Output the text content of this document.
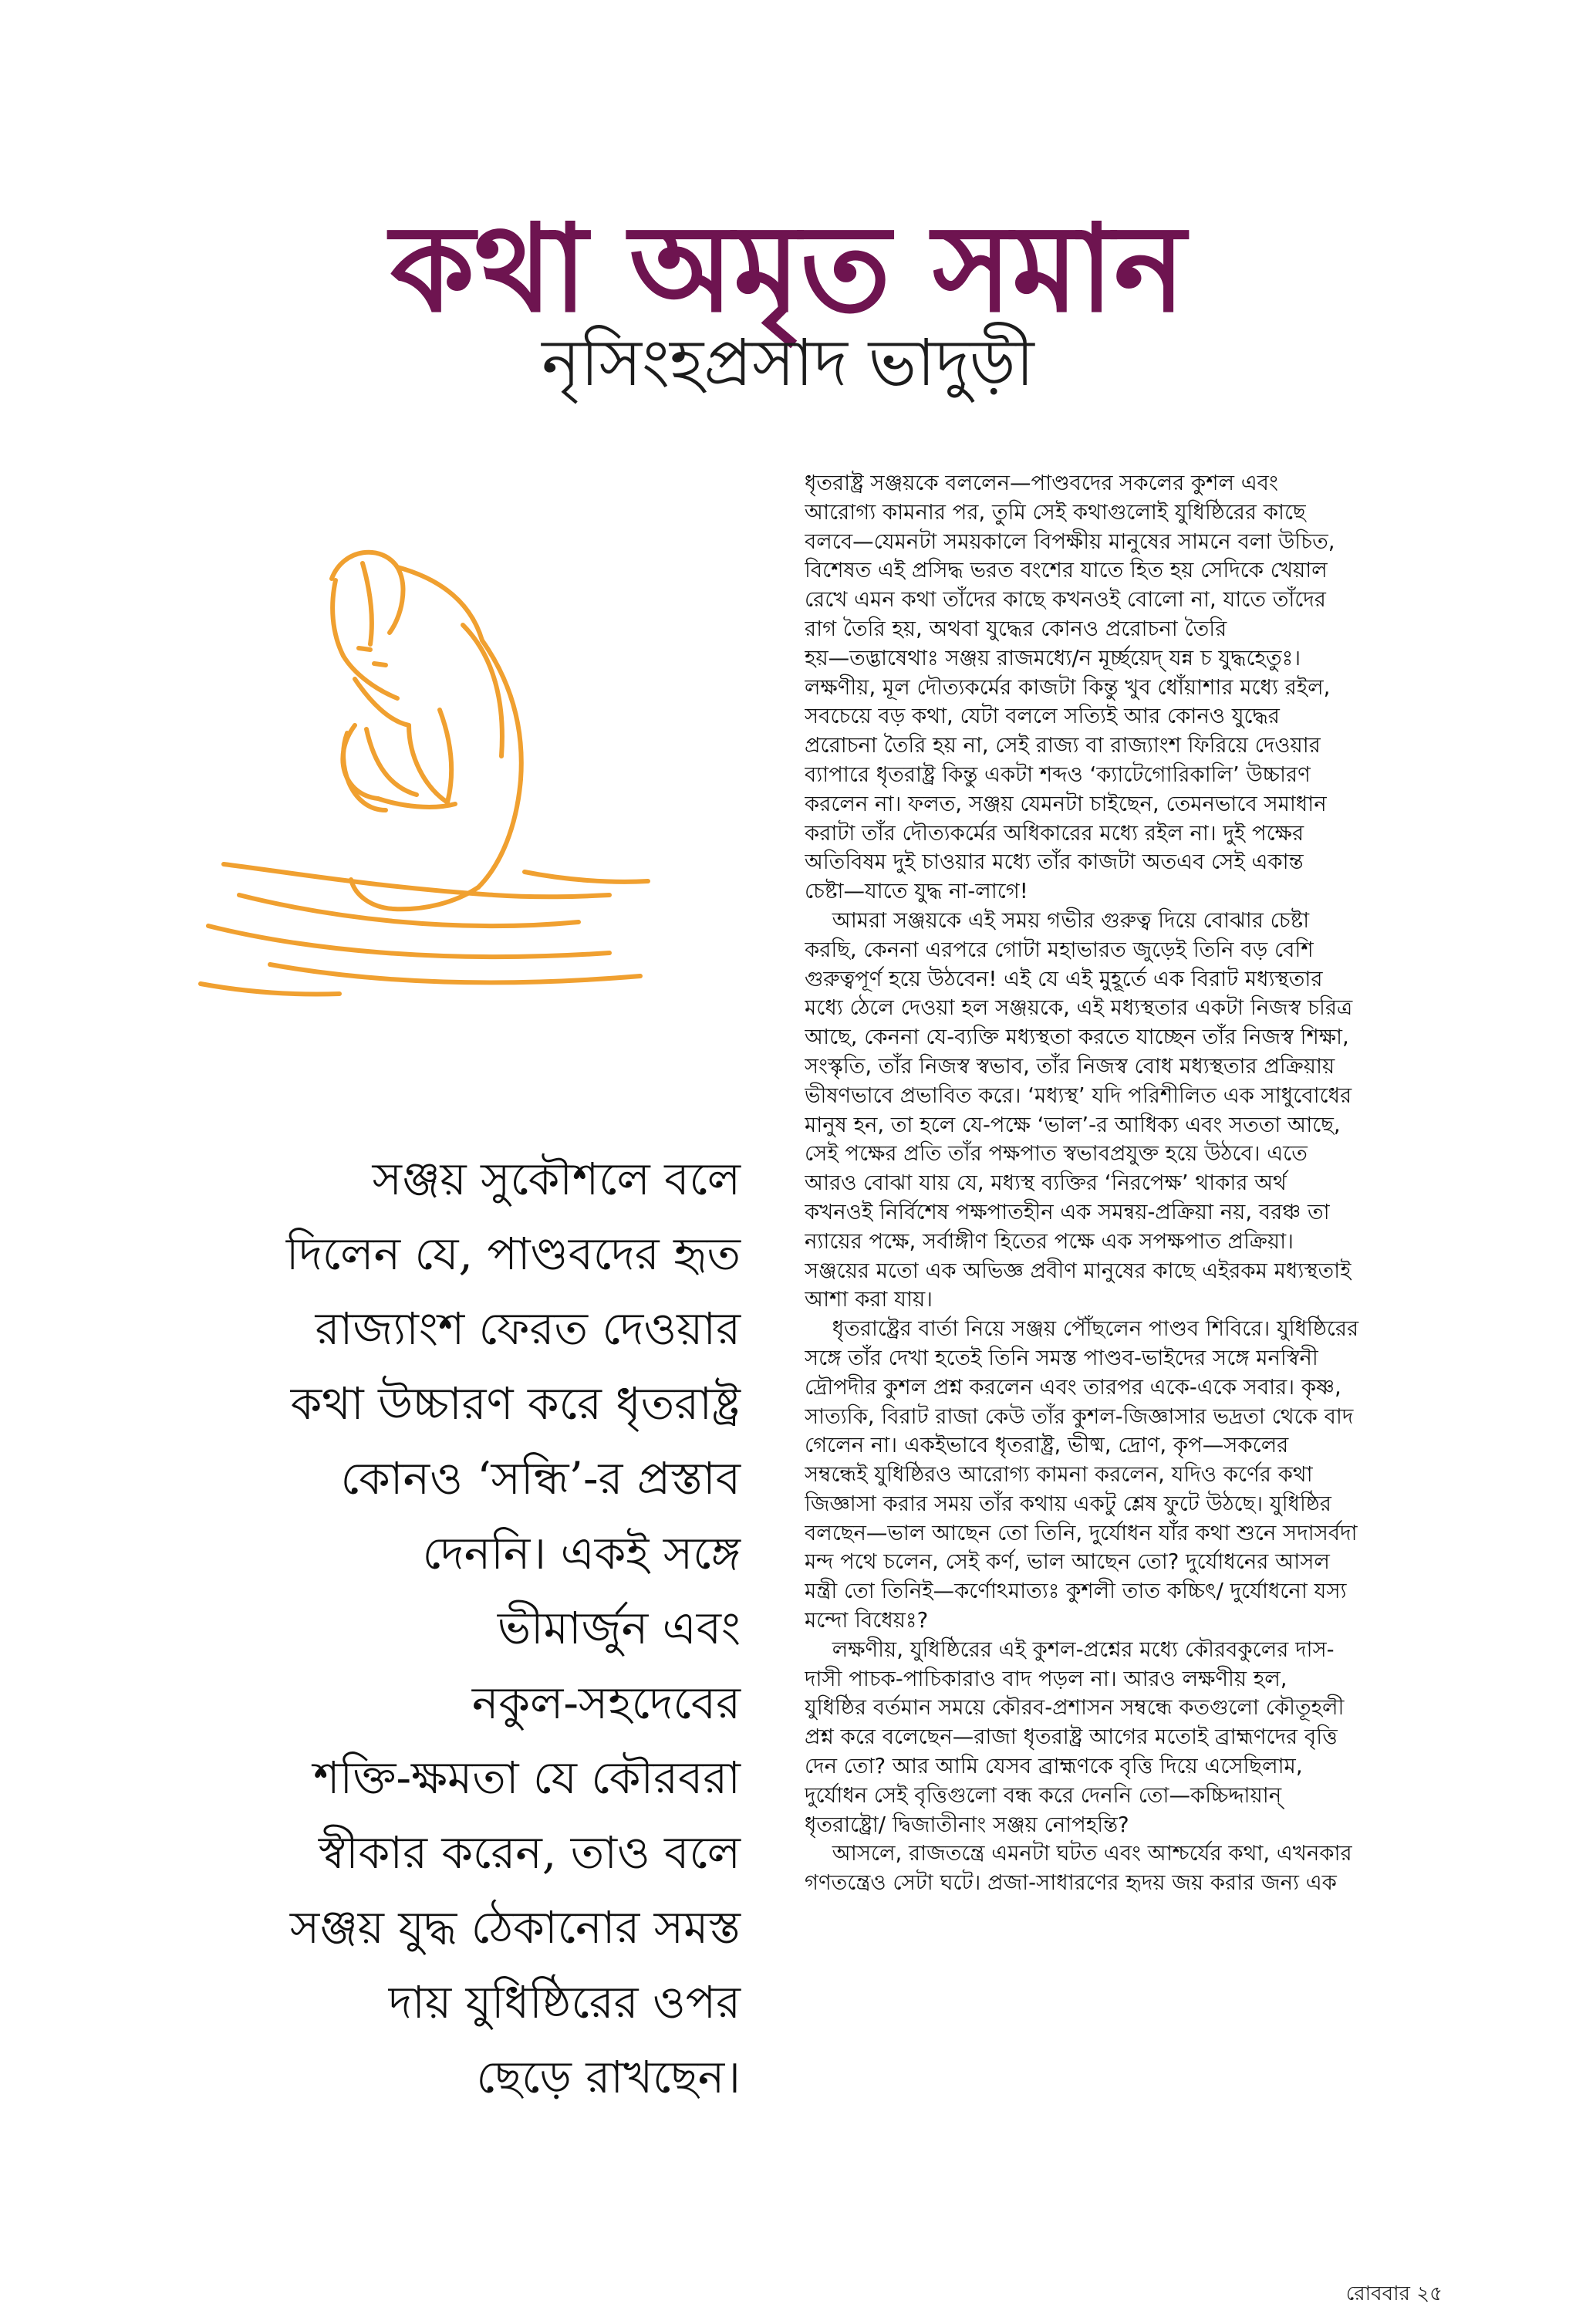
কথা অমৃত সমান
নৃসিংহপ্রসাদ ভাদুড়ী
সঞ্জয় সুকৌশলে বলে
দিলেন যে, পাণ্ডবদের হৃত
রাজ্যাংশ ফেরত দেওয়ার
কথা উচ্চারণ করে ধৃতরাষ্ট্র
কোনও ‘সন্ধি’-র প্রস্তাব
দেননি। একই সঙ্গে
ভীমার্জুন এবং
নকুল-সহদেবের
শক্তি-ক্ষমতা যে কৌরবরা
স্বীকার করেন, তাও বলে
সঞ্জয় যুদ্ধ ঠেকানোর সমস্ত
দায় যুধিষ্ঠিরের ওপর
ছেড়ে রাখছেন।
ধৃতরাষ্ট্র সঞ্জয়কে বললেন—পাণ্ডবদের সকলের কুশল এবং
আরোগ্য কামনার পর, তুমি সেই কথাগুলোই যুধিষ্ঠিরের কাছে
বলবে—যেমনটা সময়কালে বিপক্ষীয় মানুষের সামনে বলা উচিত,
বিশেষত এই প্রসিদ্ধ ভরত বংশের যাতে হিত হয় সেদিকে খেয়াল
রেখে এমন কথা তাঁদের কাছে কখনওই বোলো না, যাতে তাঁদের
রাগ তৈরি হয়, অথবা যুদ্ধের কোনও প্ররোচনা তৈরি
হয়—তদ্ভাষেথাঃ সঞ্জয় রাজমধ্যে/ন মূর্চ্ছয়েদ্‌ যন্ন চ যুদ্ধহেতুঃ।
লক্ষণীয়, মূল দৌত্যকর্মের কাজটা কিন্তু খুব ধোঁয়াশার মধ্যে রইল,
সবচেয়ে বড় কথা, যেটা বললে সত্যিই আর কোনও যুদ্ধের
প্ররোচনা তৈরি হয় না, সেই রাজ্য বা রাজ্যাংশ ফিরিয়ে দেওয়ার
ব্যাপারে ধৃতরাষ্ট্র কিন্তু একটা শব্দও ‘ক্যাটেগোরিকালি’ উচ্চারণ
করলেন না। ফলত, সঞ্জয় যেমনটা চাইছেন, তেমনভাবে সমাধান
করাটা তাঁর দৌত্যকর্মের অধিকারের মধ্যে রইল না। দুই পক্ষের
অতিবিষম দুই চাওয়ার মধ্যে তাঁর কাজটা অতএব সেই একান্ত
চেষ্টা—যাতে যুদ্ধ না-লাগে!
আমরা সঞ্জয়কে এই সময় গভীর গুরুত্ব দিয়ে বোঝার চেষ্টা
করছি, কেননা এরপরে গোটা মহাভারত জুড়েই তিনি বড় বেশি
গুরুত্বপূর্ণ হয়ে উঠবেন! এই যে এই মুহূর্তে এক বিরাট মধ্যস্থতার
মধ্যে ঠেলে দেওয়া হল সঞ্জয়কে, এই মধ্যস্থতার একটা নিজস্ব চরিত্র
আছে, কেননা যে-ব্যক্তি মধ্যস্থতা করতে যাচ্ছেন তাঁর নিজস্ব শিক্ষা,
সংস্কৃতি, তাঁর নিজস্ব স্বভাব, তাঁর নিজস্ব বোধ মধ্যস্থতার প্রক্রিয়ায়
ভীষণভাবে প্রভাবিত করে। ‘মধ্যস্থ’ যদি পরিশীলিত এক সাধুবোধের
মানুষ হন, তা হলে যে-পক্ষে ‘ভাল’-র আধিক্য এবং সততা আছে,
সেই পক্ষের প্রতি তাঁর পক্ষপাত স্বভাবপ্রযুক্ত হয়ে উঠবে। এতে
আরও বোঝা যায় যে, মধ্যস্থ ব্যক্তির ‘নিরপেক্ষ’ থাকার অর্থ
কখনওই নির্বিশেষ পক্ষপাতহীন এক সমন্বয়-প্রক্রিয়া নয়, বরঞ্চ তা
ন্যায়ের পক্ষে, সর্বাঙ্গীণ হিতের পক্ষে এক সপক্ষপাত প্রক্রিয়া।
সঞ্জয়ের মতো এক অভিজ্ঞ প্রবীণ মানুষের কাছে এইরকম মধ্যস্থতাই
আশা করা যায়।
ধৃতরাষ্ট্রের বার্তা নিয়ে সঞ্জয় পৌঁছলেন পাণ্ডব শিবিরে। যুধিষ্ঠিরের
সঙ্গে তাঁর দেখা হতেই তিনি সমস্ত পাণ্ডব-ভাইদের সঙ্গে মনস্বিনী
দ্রৌপদীর কুশল প্রশ্ন করলেন এবং তারপর একে-একে সবার। কৃষ্ণ,
সাত্যকি, বিরাট রাজা কেউ তাঁর কুশল-জিজ্ঞাসার ভদ্রতা থেকে বাদ
গেলেন না। একইভাবে ধৃতরাষ্ট্র, ভীষ্ম, দ্রোণ, কৃপ—সকলের
সম্বন্ধেই যুধিষ্ঠিরও আরোগ্য কামনা করলেন, যদিও কর্ণের কথা
জিজ্ঞাসা করার সময় তাঁর কথায় একটু শ্লেষ ফুটে উঠছে। যুধিষ্ঠির
বলছেন—ভাল আছেন তো তিনি, দুর্যোধন যাঁর কথা শুনে সদাসর্বদা
মন্দ পথে চলেন, সেই কর্ণ, ভাল আছেন তো? দুর্যোধনের আসল
মন্ত্রী তো তিনিই—কর্ণোঽমাত্যঃ কুশলী তাত কচ্চিৎ/ দুর্যোধনো যস্য
মন্দো বিধেয়ঃ?
লক্ষণীয়, যুধিষ্ঠিরের এই কুশল-প্রশ্নের মধ্যে কৌরবকুলের দাস-
দাসী পাচক-পাচিকারাও বাদ পড়ল না। আরও লক্ষণীয় হল,
যুধিষ্ঠির বর্তমান সময়ে কৌরব-প্রশাসন সম্বন্ধে কতগুলো কৌতূহলী
প্রশ্ন করে বলেছেন—রাজা ধৃতরাষ্ট্র আগের মতোই ব্রাহ্মণদের বৃত্তি
দেন তো? আর আমি যেসব ব্রাহ্মণকে বৃত্তি দিয়ে এসেছিলাম,
দুর্যোধন সেই বৃত্তিগুলো বন্ধ করে দেননি তো—কচ্চিদ্দায়ান্‌
ধৃতরাষ্ট্রো/ দ্বিজাতীনাং সঞ্জয় নোপহন্তি?
আসলে, রাজতন্ত্রে এমনটা ঘটত এবং আশ্চর্যের কথা, এখনকার
গণতন্ত্রেও সেটা ঘটে। প্রজা-সাধারণের হৃদয় জয় করার জন্য এক
রোববার ২৫
